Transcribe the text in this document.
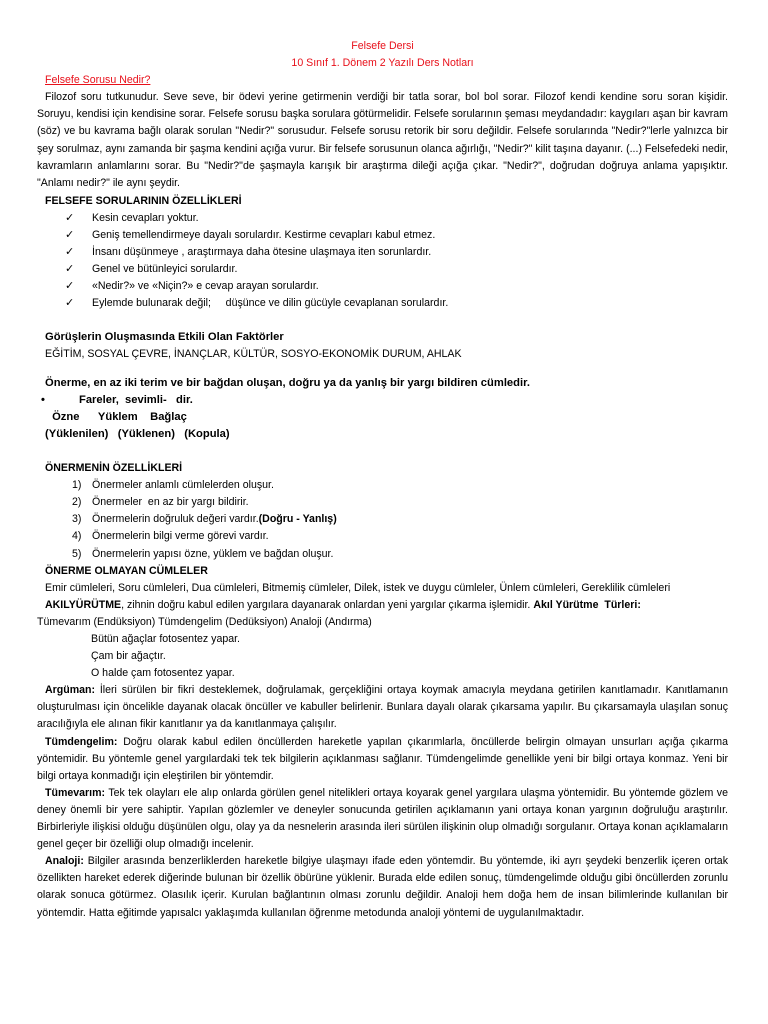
Felsefe Dersi

10 Sınıf 1. Dönem 2 Yazılı Ders Notları

Felsefe Sorusu Nedir?

Filozof soru tutkunudur. Seve seve, bir ödevi yerine getirmenin verdiği bir tatla sorar, bol bol sorar. Filozof kendi kendine soru soran kişidir. Soruyu, kendisi için kendisine sorar. Felsefe sorusu başka sorulara götürmelidir. Felsefe sorularının şeması meydandadır: kaygıları aşan bir kavram (söz) ve bu kavrama bağlı olarak sorulan "Nedir?" sorusudur. Felsefe sorusu retorik bir soru değildir. Felsefe sorularında "Nedir?"lerle yalnızca bir şey sorulmaz, aynı zamanda bir şaşma kendini açığa vurur. Bir felsefe sorusunun olanca ağırlığı, "Nedir?" kilit taşına dayanır. (...) Felsefedeki nedir, kavramların anlamlarını sorar. Bu "Nedir?"de şaşmayla karışık bir araştırma dileği açığa çıkar. "Nedir?", doğrudan doğruya anlama yapışıktır. "Anlamı nedir?" ile aynı şeydir.

FELSEFE SORULARININ ÖZELLİKLERİ

✓ Kesin cevapları yoktur.
✓ Geniş temellendirmeye dayalı sorulardır. Kestirme cevapları kabul etmez.
✓ İnsanı düşünmeye , araştırmaya daha ötesine ulaşmaya iten sorunlardır.
✓ Genel ve bütünleyici sorulardır.
✓ «Nedir?» ve «Niçin?» e cevap arayan sorulardır.
✓ Eylemde bulunarak değil;     düşünce ve dilin gücüyle cevaplanan sorulardır.

Görüşlerin Oluşmasında Etkili Olan Faktörler

EĞİTİM, SOSYAL ÇEVRE, İNANÇLAR, KÜLTÜR, SOSYO-EKONOMİK DURUM, AHLAK

Önerme, en az iki terim ve bir bağdan oluşan, doğru ya da yanlış bir yargı bildiren cümledir.

•	Fareler,  sevimli-   dir.

Özne      Yüklem    Bağlaç

(Yüklenilen)   (Yüklenen)   (Kopula)

ÖNERMENİN ÖZELLİKLERİ

1) Önermeler anlamlı cümlelerden oluşur.
2) Önermeler  en az bir yargı bildirir.
3) Önermelerin doğruluk değeri vardır.(Doğru - Yanlış)
4) Önermelerin bilgi verme görevi vardır.
5) Önermelerin yapısı özne, yüklem ve bağdan oluşur.

ÖNERME OLMAYAN CÜMLELER

Emir cümleleri, Soru cümleleri, Dua cümleleri, Bitmemiş cümleler, Dilek, istek ve duygu cümleler, Ünlem cümleleri, Gereklilik cümleleri

AKILYÜRÜTME, zihnin doğru kabul edilen yargılara dayanarak onlardan yeni yargılar çıkarma işlemidir. Akıl Yürütme  Türleri:

Tümevarım (Endüksiyon) Tümdengelim (Dedüksiyon) Analoji (Andırma)

Bütün ağaçlar fotosentez yapar.

Çam bir ağaçtır.

O halde çam fotosentez yapar.

Argüman: İleri sürülen bir fikri desteklemek, doğrulamak, gerçekliğini ortaya koymak amacıyla meydana getirilen kanıtlamadır. Kanıtlamanın oluşturulması için öncelikle dayanak olacak öncüller ve kabuller belirlenir. Bunlara dayalı olarak çıkarsama yapılır. Bu çıkarsamayla ulaşılan sonuç aracılığıyla ele alınan fikir kanıtlanır ya da kanıtlanmaya çalışılır.

Tümdengelim: Doğru olarak kabul edilen öncüllerden hareketle yapılan çıkarımlarla, öncüllerde belirgin olmayan unsurları açığa çıkarma yöntemidir. Bu yöntemle genel yargılardaki tek tek bilgilerin açıklanması sağlanır. Tümdengelimde genellikle yeni bir bilgi ortaya konmaz. Yeni bir bilgi ortaya konmadığı için eleştirilen bir yöntemdir.

Tümevarım: Tek tek olayları ele alıp onlarda görülen genel nitelikleri ortaya koyarak genel yargılara ulaşma yöntemidir. Bu yöntemde gözlem ve deney önemli bir yere sahiptir. Yapılan gözlemler ve deneyler sonucunda getirilen açıklamanın yani ortaya konan yargının doğruluğu araştırılır. Birbirleriyle ilişkisi olduğu düşünülen olgu, olay ya da nesnelerin arasında ileri sürülen ilişkinin olup olmadığı sorgulanır. Ortaya konan açıklamaların genel geçer bir özelliği olup olmadığı incelenir.

Analoji: Bilgiler arasında benzerliklerden hareketle bilgiye ulaşmayı ifade eden yöntemdir. Bu yöntemde, iki ayrı şeydeki benzerlik içeren ortak özellikten hareket ederek diğerinde bulunan bir özellik öbürüne yüklenir. Burada elde edilen sonuç, tümdengelimde olduğu gibi öncüllerden zorunlu olarak sonuca götürmez. Olasılık içerir. Kurulan bağlantının olması zorunlu değildir. Analoji hem doğa hem de insan bilimlerinde kullanılan bir yöntemdir. Hatta eğitimde yapısalcı yaklaşımda kullanılan öğrenme metodunda analoji yöntemi de uygulanılmaktadır.
